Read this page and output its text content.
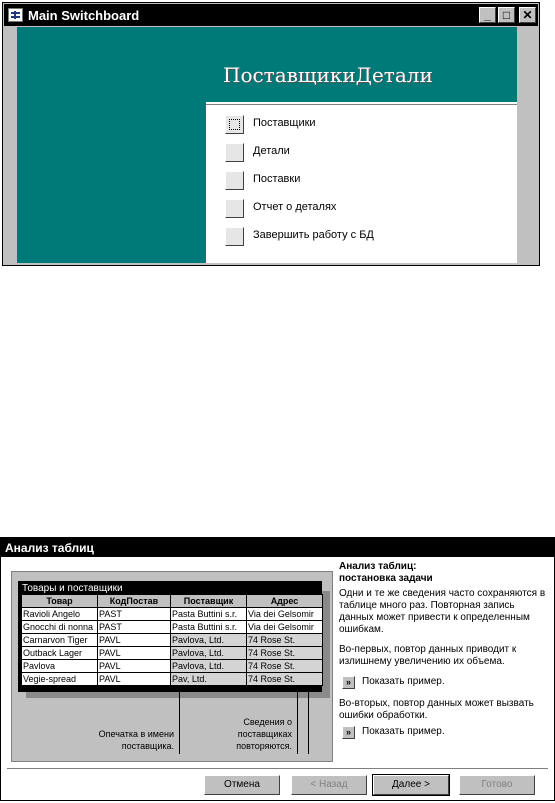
Main Switchboard	_	□	✕
ПоставщикиДетали
Поставщики
Детали
Поставки
Отчет о деталях
Завершить работу с БД
Анализ таблиц
Товары и поставщики
Товар	КодПостав	Поставщик	Адрес
Ravioli Angelo	PAST	Pasta Buttini s.r.	Via dei Gelsomir
Gnocchi di nonna	PAST	Pasta Buttini s.r.	Via dei Gelsomir
Carnarvon Tiger	PAVL	Pavlova, Ltd.	74 Rose St.
Outback Lager	PAVL	Pavlova, Ltd.	74 Rose St.
Pavlova	PAVL	Pavlova, Ltd.	74 Rose St.
Vegie-spread	PAVL	Pav, Ltd.	74 Rose St.
Опечатка в имени
поставщика.
Сведения о
поставщиках
повторяются.
Анализ таблиц:
постановка задачи
Одни и те же сведения часто сохраняются в таблице много раз. Повторная запись данных может привести к определенным ошибкам.
Во-первых, повтор данных приводит к излишнему увеличению их объема.
»	Показать пример.
Во-вторых, повтор данных может вызвать ошибки обработки.
»	Показать пример.
Отмена	< Назад	Далее >	Готово
